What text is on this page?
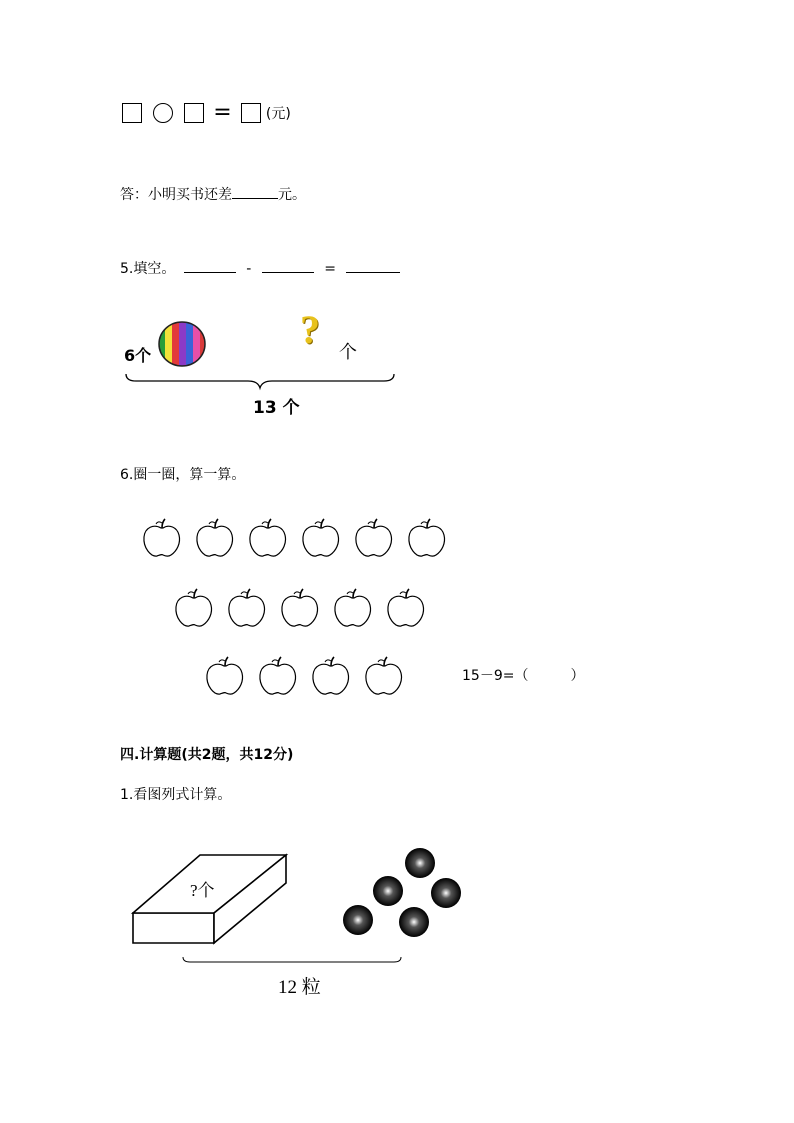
= (元)
答：小明买书还差	元。
5.填空。	-	=
6个
?
个
13 个
6.圈一圈，算一算。
15－9=（　　　）
四.计算题(共2题，共12分)
1.看图列式计算。
?个
12 粒
